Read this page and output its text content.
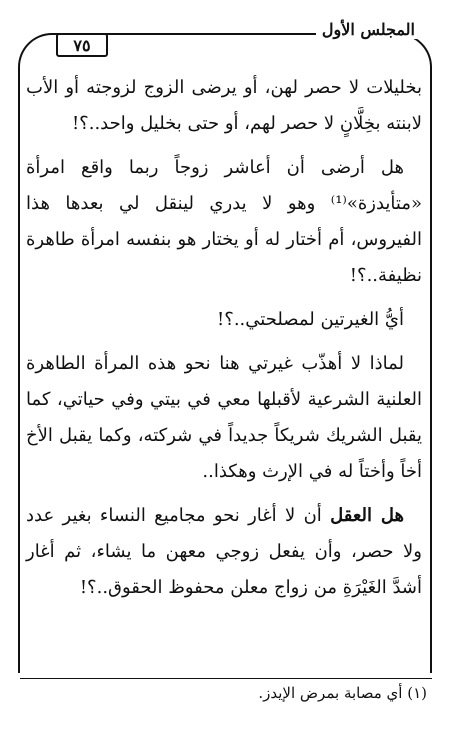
المجلس الأول
٧٥

بخليلات لا حصر لهن، أو يرضى الزوج لزوجته أو الأب لابنته بخِلَّانٍ لا حصر لهم، أو حتى بخليل واحد..؟!

هل أرضى أن أعاشر زوجاً ربما واقع امرأة «متأيدزة»⁽¹⁾ وهو لا يدري لينقل لي بعدها هذا الفيروس، أم أختار له أو يختار هو بنفسه امرأة طاهرة نظيفة..؟!

أيُّ الغيرتين لمصلحتي..؟!

لماذا لا أهذّب غيرتي هنا نحو هذه المرأة الطاهرة العلنية الشرعية لأقبلها معي في بيتي وفي حياتي، كما يقبل الشريك شريكاً جديداً في شركته، وكما يقبل الأخ أخاً وأختاً له في الإرث وهكذا..

هل العقل أن لا أغار نحو مجاميع النساء بغير عدد ولا حصر، وأن يفعل زوجي معهن ما يشاء، ثم أغار أشدَّ الغَيْرَةِ من زواج معلن محفوظ الحقوق..؟!

(١) أي مصابة بمرض الإيدز.
